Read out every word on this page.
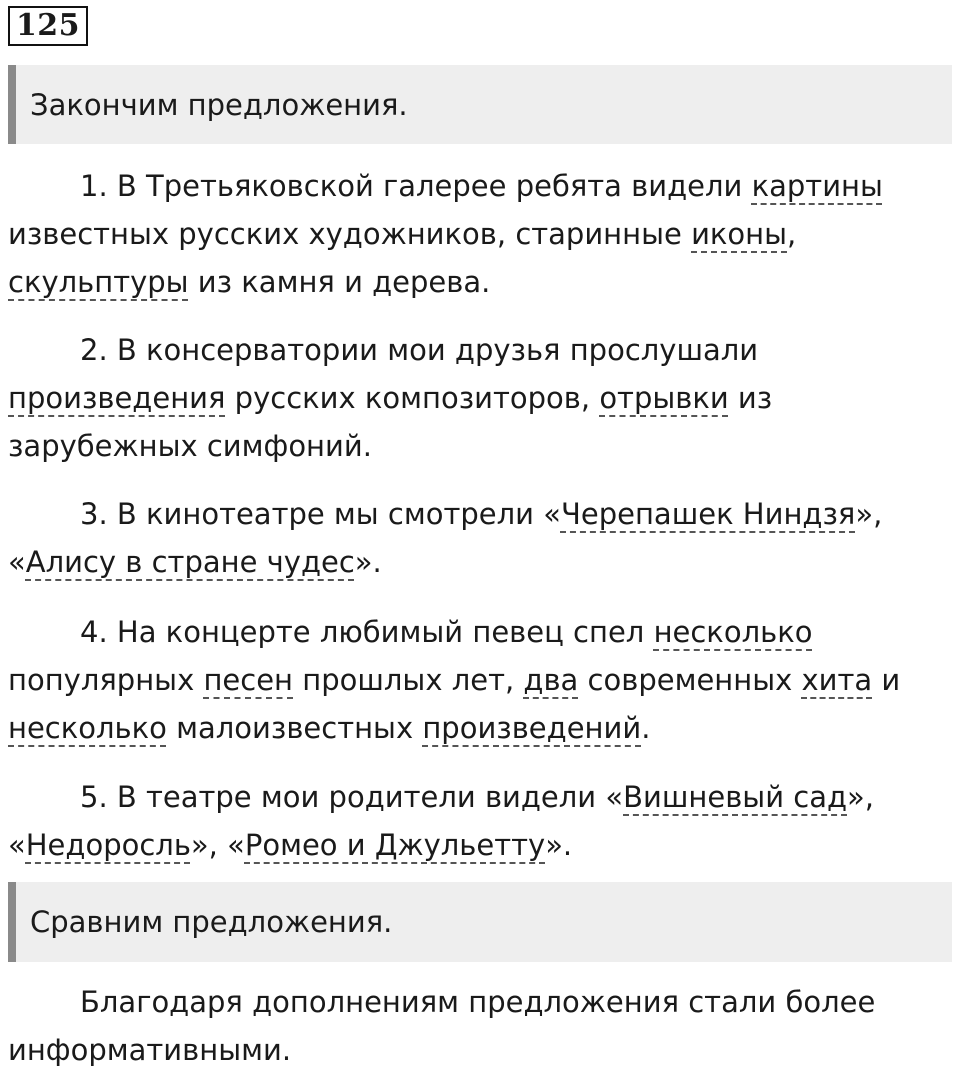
125
Закончим предложения.
1. В Третьяковской галерее ребята видели картины
известных русских художников, старинные иконы,
скульптуры из камня и дерева.
2. В консерватории мои друзья прослушали
произведения русских композиторов, отрывки из
зарубежных симфоний.
3. В кинотеатре мы смотрели «Черепашек Ниндзя»,
«Алису в стране чудес».
4. На концерте любимый певец спел несколько
популярных песен прошлых лет, два современных хита и
несколько малоизвестных произведений.
5. В театре мои родители видели «Вишневый сад»,
«Недоросль», «Ромео и Джульетту».
Сравним предложения.
Благодаря дополнениям предложения стали более
информативными.
